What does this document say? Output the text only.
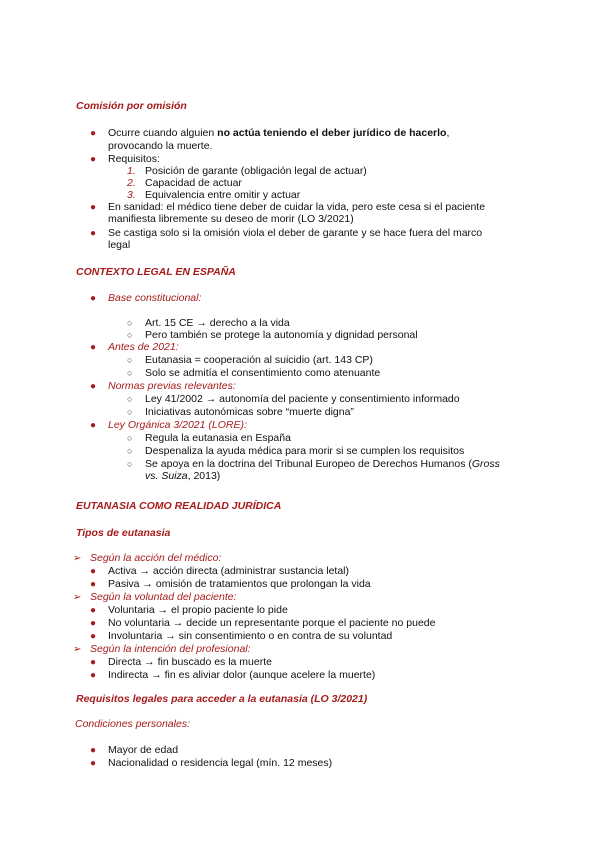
Comisión por omisión
● Ocurre cuando alguien no actúa teniendo el deber jurídico de hacerlo,
provocando la muerte.
● Requisitos:
1. Posición de garante (obligación legal de actuar)
2. Capacidad de actuar
3. Equivalencia entre omitir y actuar
● En sanidad: el médico tiene deber de cuidar la vida, pero este cesa si el paciente
manifiesta libremente su deseo de morir (LO 3/2021)
● Se castiga solo si la omisión viola el deber de garante y se hace fuera del marco
legal
CONTEXTO LEGAL EN ESPAÑA
● Base constitucional:
○ Art. 15 CE → derecho a la vida
○ Pero también se protege la autonomía y dignidad personal
● Antes de 2021:
○ Eutanasia = cooperación al suicidio (art. 143 CP)
○ Solo se admitía el consentimiento como atenuante
● Normas previas relevantes:
○ Ley 41/2002 → autonomía del paciente y consentimiento informado
○ Iniciativas autonómicas sobre “muerte digna”
● Ley Orgánica 3/2021 (LORE):
○ Regula la eutanasia en España
○ Despenaliza la ayuda médica para morir si se cumplen los requisitos
○ Se apoya en la doctrina del Tribunal Europeo de Derechos Humanos (Gross
vs. Suiza, 2013)
EUTANASIA COMO REALIDAD JURÍDICA
Tipos de eutanasia
➢ Según la acción del médico:
● Activa → acción directa (administrar sustancia letal)
● Pasiva → omisión de tratamientos que prolongan la vida
➢ Según la voluntad del paciente:
● Voluntaria → el propio paciente lo pide
● No voluntaria → decide un representante porque el paciente no puede
● Involuntaria → sin consentimiento o en contra de su voluntad
➢ Según la intención del profesional:
● Directa → fin buscado es la muerte
● Indirecta → fin es aliviar dolor (aunque acelere la muerte)
Requisitos legales para acceder a la eutanasia (LO 3/2021)
Condiciones personales:
● Mayor de edad
● Nacionalidad o residencia legal (mín. 12 meses)
